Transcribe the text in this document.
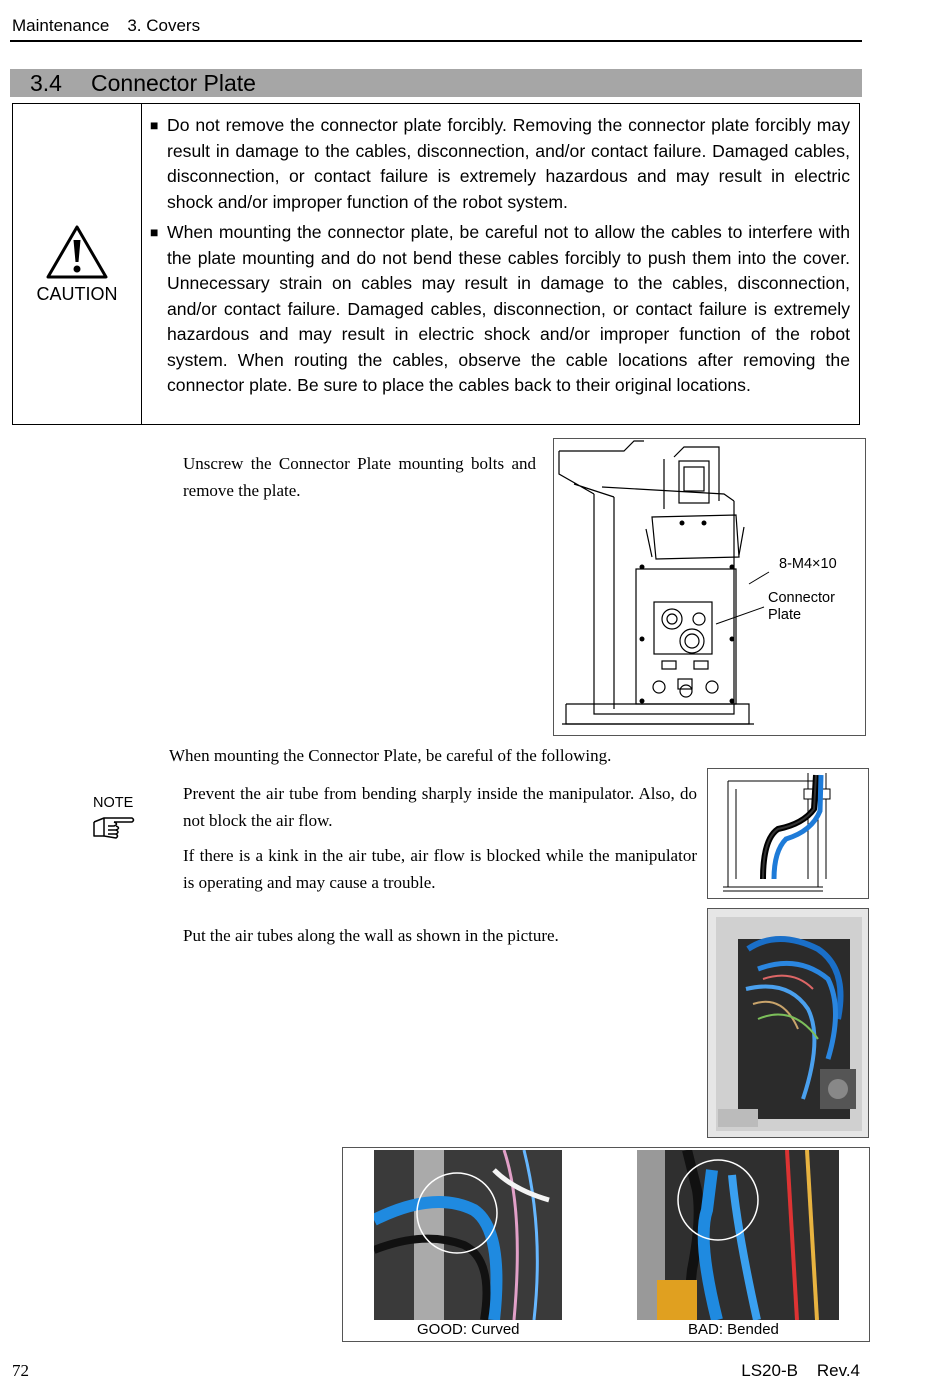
Maintenance 3. Covers
3.4 Connector Plate
CAUTION
■ Do not remove the connector plate forcibly. Removing the connector plate forcibly may result in damage to the cables, disconnection, and/or contact failure. Damaged cables, disconnection, or contact failure is extremely hazardous and may result in electric shock and/or improper function of the robot system.
■ When mounting the connector plate, be careful not to allow the cables to interfere with the plate mounting and do not bend these cables forcibly to push them into the cover. Unnecessary strain on cables may result in damage to the cables, disconnection, and/or contact failure. Damaged cables, disconnection, or contact failure is extremely hazardous and may result in electric shock and/or improper function of the robot system. When routing the cables, observe the cable locations after removing the connector plate. Be sure to place the cables back to their original locations.
Unscrew the Connector Plate mounting bolts and remove the plate.
8-M4×10
Connector
Plate
When mounting the Connector Plate, be careful of the following.
NOTE	Prevent the air tube from bending sharply inside the manipulator. Also, do not block the air flow.
If there is a kink in the air tube, air flow is blocked while the manipulator is operating and may cause a trouble.
Put the air tubes along the wall as shown in the picture.
GOOD: Curved	BAD: Bended
72	LS20-B    Rev.4
